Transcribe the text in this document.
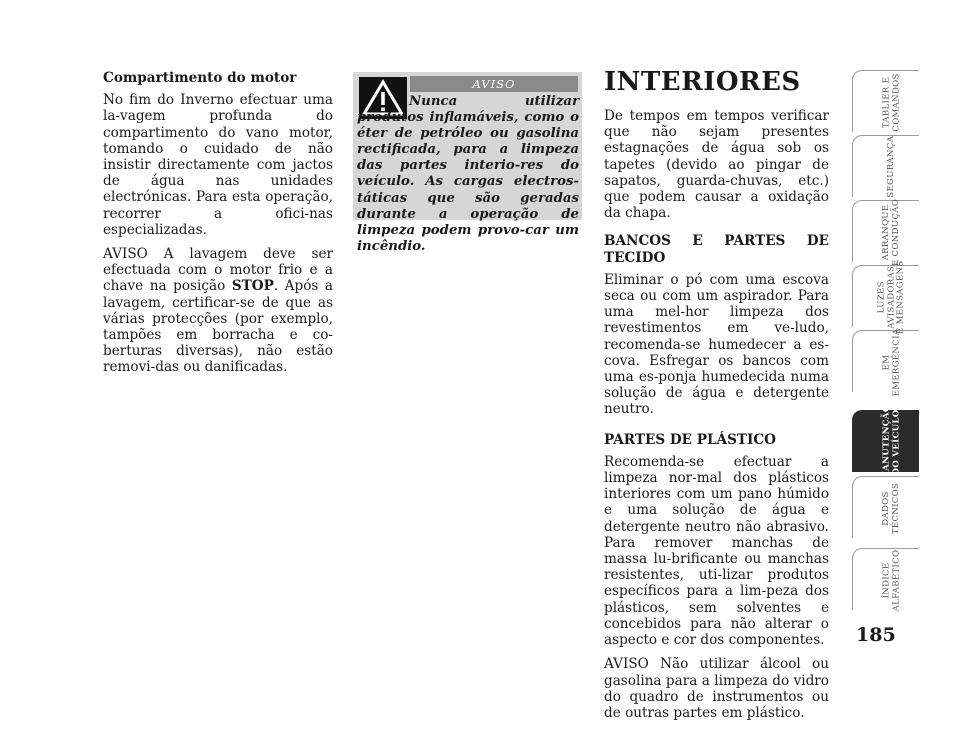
Compartimento do motor

No fim do Inverno efectuar uma la-vagem profunda do compartimento do vano motor, tomando o cuidado de não insistir directamente com jactos de água nas unidades electrónicas. Para esta operação, recorrer a ofici-nas especializadas.

AVISO A lavagem deve ser efectuada com o motor frio e a chave na posição STOP. Após a lavagem, certificar-se de que as várias protecções (por exemplo, tampões em borracha e co-berturas diversas), não estão removi-das ou danificadas.

AVISO
Nunca utilizar produtos inflamáveis, como o éter de petróleo ou gasolina rectificada, para a limpeza das partes interio-res do veículo. As cargas electros-táticas que são geradas durante a operação de limpeza podem provo-car um incêndio.
INTERIORES

De tempos em tempos verificar que não sejam presentes estagnações de água sob os tapetes (devido ao pingar de sapatos, guarda-chuvas, etc.) que podem causar a oxidação da chapa.

BANCOS E PARTES DE TECIDO

Eliminar o pó com uma escova seca ou com um aspirador. Para uma mel-hor limpeza dos revestimentos em ve-ludo, recomenda-se humedecer a es-cova. Esfregar os bancos com uma es-ponja humedecida numa solução de água e detergente neutro.

PARTES DE PLÁSTICO

Recomenda-se efectuar a limpeza nor-mal dos plásticos interiores com um pano húmido e uma solução de água e detergente neutro não abrasivo. Para remover manchas de massa lu-brificante ou manchas resistentes, uti-lizar produtos específicos para a lim-peza dos plásticos, sem solventes e concebidos para não alterar o aspecto e cor dos componentes.

AVISO Não utilizar álcool ou gasolina para a limpeza do vidro do quadro de instrumentos ou de outras partes em plástico.

TABLIER E
COMANDOS
SEGURANÇA
ARRANQUE
E CONDUÇÃO
LUZES
AVISADORAS
E MENSAGENS
EM
EMERGÊNCIA
MANUTENÇÃO
DO VEÍCULO
DADOS
TÉCNICOS
ÍNDICE
ALFABÉTICO
185
